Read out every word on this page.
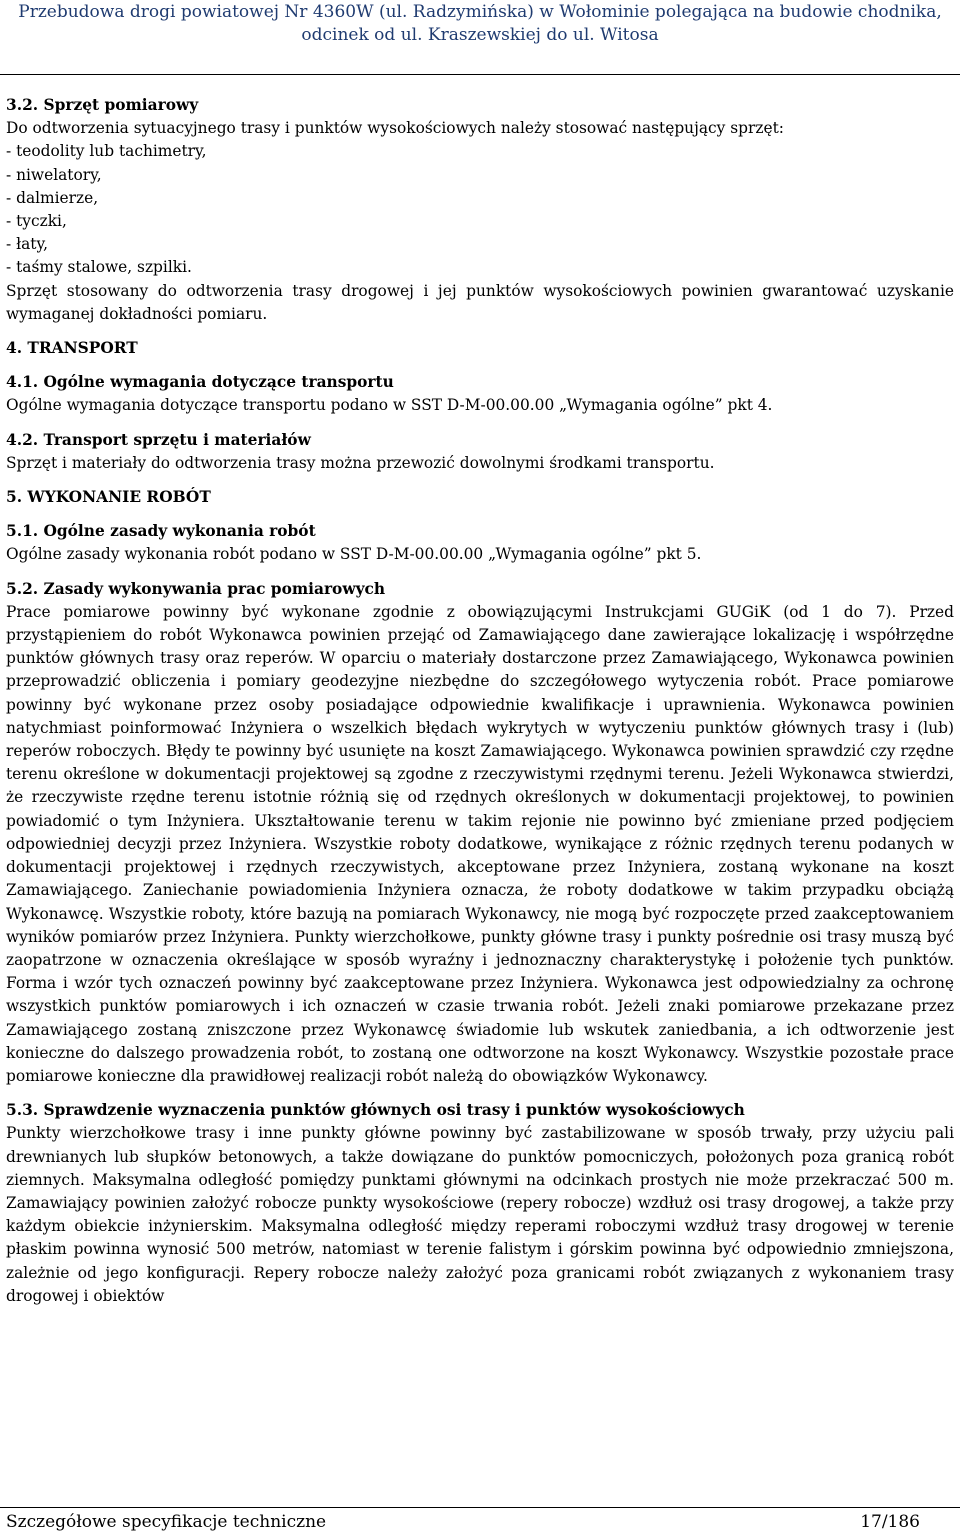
Przebudowa drogi powiatowej Nr 4360W (ul. Radzymińska) w Wołominie polegająca na budowie chodnika,
odcinek od ul. Kraszewskiej do ul. Witosa
3.2. Sprzęt pomiarowy

Do odtworzenia sytuacyjnego trasy i punktów wysokościowych należy stosować następujący sprzęt:

- teodolity lub tachimetry,
- niwelatory,
- dalmierze,
- tyczki,
- łaty,
- taśmy stalowe, szpilki.

Sprzęt stosowany do odtworzenia trasy drogowej i jej punktów wysokościowych powinien gwarantować uzyskanie wymaganej dokładności pomiaru.

4. TRANSPORT
4.1. Ogólne wymagania dotyczące transportu

Ogólne wymagania dotyczące transportu podano w SST D-M-00.00.00 „Wymagania ogólne” pkt 4.

4.2. Transport sprzętu i materiałów

Sprzęt i materiały do odtworzenia trasy można przewozić dowolnymi środkami transportu.

5. WYKONANIE ROBÓT
5.1. Ogólne zasady wykonania robót

Ogólne zasady wykonania robót podano w SST D-M-00.00.00 „Wymagania ogólne” pkt 5.

5.2. Zasady wykonywania prac pomiarowych

Prace pomiarowe powinny być wykonane zgodnie z obowiązującymi Instrukcjami GUGiK (od 1 do 7). Przed przystąpieniem do robót Wykonawca powinien przejąć od Zamawiającego dane zawierające lokalizację i współrzędne punktów głównych trasy oraz reperów. W oparciu o materiały dostarczone przez Zamawiającego, Wykonawca powinien przeprowadzić obliczenia i pomiary geodezyjne niezbędne do szczegółowego wytyczenia robót. Prace pomiarowe powinny być wykonane przez osoby posiadające odpowiednie kwalifikacje i uprawnienia. Wykonawca powinien natychmiast poinformować Inżyniera o wszelkich błędach wykrytych w wytyczeniu punktów głównych trasy i (lub) reperów roboczych. Błędy te powinny być usunięte na koszt Zamawiającego. Wykonawca powinien sprawdzić czy rzędne terenu określone w dokumentacji projektowej są zgodne z rzeczywistymi rzędnymi terenu. Jeżeli Wykonawca stwierdzi, że rzeczywiste rzędne terenu istotnie różnią się od rzędnych określonych w dokumentacji projektowej, to powinien powiadomić o tym Inżyniera. Ukształtowanie terenu w takim rejonie nie powinno być zmieniane przed podjęciem odpowiedniej decyzji przez Inżyniera. Wszystkie roboty dodatkowe, wynikające z różnic rzędnych terenu podanych w dokumentacji projektowej i rzędnych rzeczywistych, akceptowane przez Inżyniera, zostaną wykonane na koszt Zamawiającego. Zaniechanie powiadomienia Inżyniera oznacza, że roboty dodatkowe w takim przypadku obciążą Wykonawcę. Wszystkie roboty, które bazują na pomiarach Wykonawcy, nie mogą być rozpoczęte przed zaakceptowaniem wyników pomiarów przez Inżyniera. Punkty wierzchołkowe, punkty główne trasy i punkty pośrednie osi trasy muszą być zaopatrzone w oznaczenia określające w sposób wyraźny i jednoznaczny charakterystykę i położenie tych punktów. Forma i wzór tych oznaczeń powinny być zaakceptowane przez Inżyniera. Wykonawca jest odpowiedzialny za ochronę wszystkich punktów pomiarowych i ich oznaczeń w czasie trwania robót. Jeżeli znaki pomiarowe przekazane przez Zamawiającego zostaną zniszczone przez Wykonawcę świadomie lub wskutek zaniedbania, a ich odtworzenie jest konieczne do dalszego prowadzenia robót, to zostaną one odtworzone na koszt Wykonawcy. Wszystkie pozostałe prace pomiarowe konieczne dla prawidłowej realizacji robót należą do obowiązków Wykonawcy.

5.3. Sprawdzenie wyznaczenia punktów głównych osi trasy i punktów wysokościowych

Punkty wierzchołkowe trasy i inne punkty główne powinny być zastabilizowane w sposób trwały, przy użyciu pali drewnianych lub słupków betonowych, a także dowiązane do punktów pomocniczych, położonych poza granicą robót ziemnych. Maksymalna odległość pomiędzy punktami głównymi na odcinkach prostych nie może przekraczać 500 m. Zamawiający powinien założyć robocze punkty wysokościowe (repery robocze) wzdłuż osi trasy drogowej, a także przy każdym obiekcie inżynierskim. Maksymalna odległość między reperami roboczymi wzdłuż trasy drogowej w terenie płaskim powinna wynosić 500 metrów, natomiast w terenie falistym i górskim powinna być odpowiednio zmniejszona, zależnie od jego konfiguracji. Repery robocze należy założyć poza granicami robót związanych z wykonaniem trasy drogowej i obiektów

Szczegółowe specyfikacje techniczne	17/186
